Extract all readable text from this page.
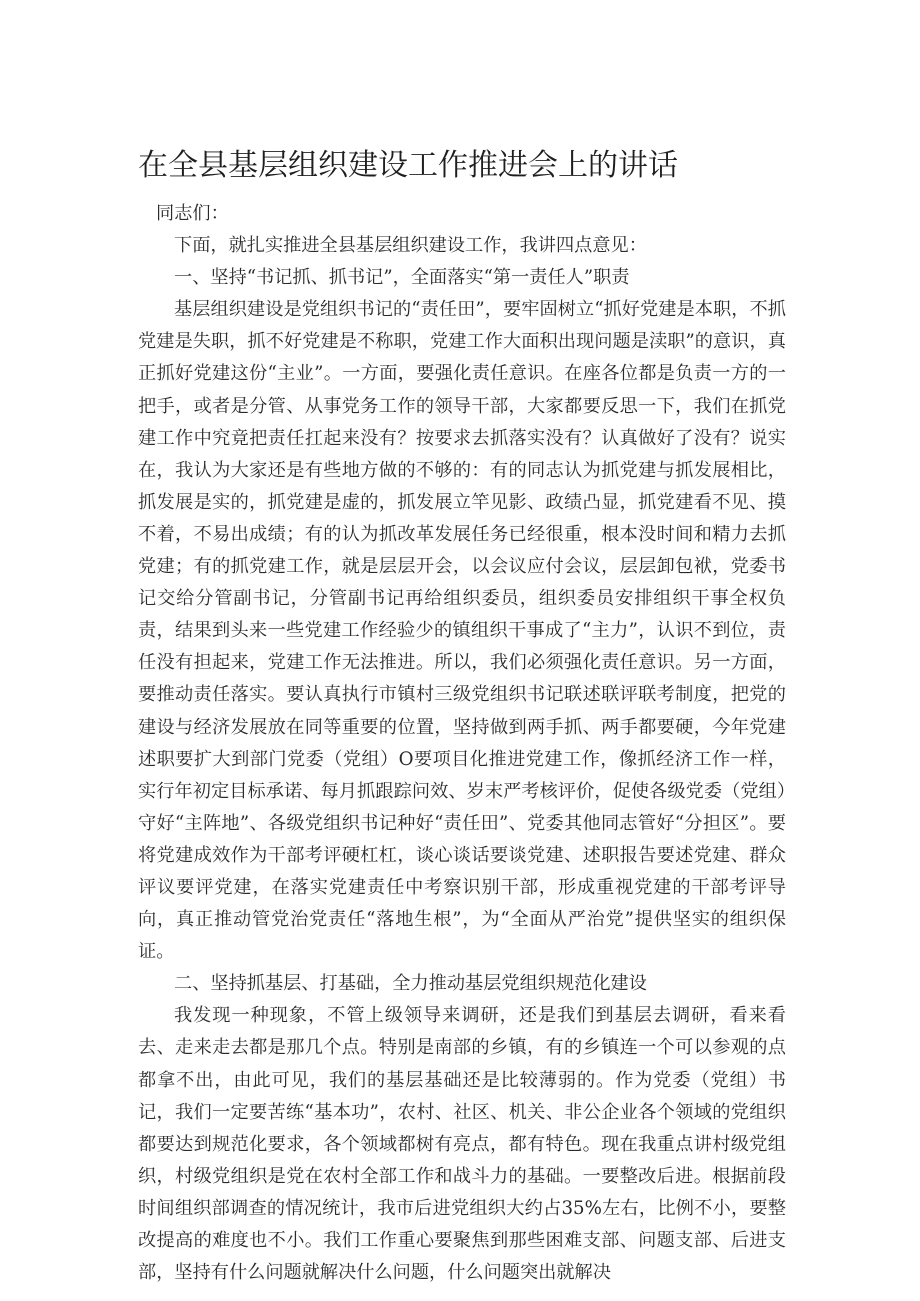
在全县基层组织建设工作推进会上的讲话

同志们：

下面，就扎实推进全县基层组织建设工作，我讲四点意见：

一、坚持“书记抓、抓书记”，全面落实“第一责任人”职责

基层组织建设是党组织书记的“责任田”，要牢固树立“抓好党建是本职，不抓党建是失职，抓不好党建是不称职，党建工作大面积出现问题是渎职”的意识，真正抓好党建这份“主业”。一方面，要强化责任意识。在座各位都是负责一方的一把手，或者是分管、从事党务工作的领导干部，大家都要反思一下，我们在抓党建工作中究竟把责任扛起来没有？按要求去抓落实没有？认真做好了没有？说实在，我认为大家还是有些地方做的不够的：有的同志认为抓党建与抓发展相比，抓发展是实的，抓党建是虚的，抓发展立竿见影、政绩凸显，抓党建看不见、摸不着，不易出成绩；有的认为抓改革发展任务已经很重，根本没时间和精力去抓党建；有的抓党建工作，就是层层开会，以会议应付会议，层层卸包袱，党委书记交给分管副书记，分管副书记再给组织委员，组织委员安排组织干事全权负责，结果到头来一些党建工作经验少的镇组织干事成了“主力”，认识不到位，责任没有担起来，党建工作无法推进。所以，我们必须强化责任意识。另一方面，要推动责任落实。要认真执行市镇村三级党组织书记联述联评联考制度，把党的建设与经济发展放在同等重要的位置，坚持做到两手抓、两手都要硬，今年党建述职要扩大到部门党委（党组）O要项目化推进党建工作，像抓经济工作一样，实行年初定目标承诺、每月抓跟踪问效、岁末严考核评价，促使各级党委（党组）守好“主阵地”、各级党组织书记种好“责任田”、党委其他同志管好“分担区”。要将党建成效作为干部考评硬杠杠，谈心谈话要谈党建、述职报告要述党建、群众评议要评党建，在落实党建责任中考察识别干部，形成重视党建的干部考评导向，真正推动管党治党责任“落地生根”，为“全面从严治党”提供坚实的组织保证。

二、坚持抓基层、打基础，全力推动基层党组织规范化建设

我发现一种现象，不管上级领导来调研，还是我们到基层去调研，看来看去、走来走去都是那几个点。特别是南部的乡镇，有的乡镇连一个可以参观的点都拿不出，由此可见，我们的基层基础还是比较薄弱的。作为党委（党组）书记，我们一定要苦练“基本功”，农村、社区、机关、非公企业各个领域的党组织都要达到规范化要求，各个领域都树有亮点，都有特色。现在我重点讲村级党组织，村级党组织是党在农村全部工作和战斗力的基础。一要整改后进。根据前段时间组织部调查的情况统计，我市后进党组织大约占35%左右，比例不小，要整改提高的难度也不小。我们工作重心要聚焦到那些困难支部、问题支部、后进支部，坚持有什么问题就解决什么问题，什么问题突出就解决
